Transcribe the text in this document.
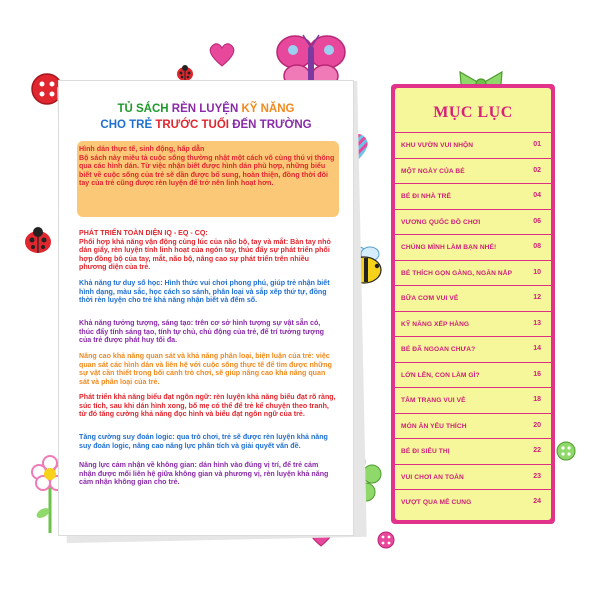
TỦ SÁCH RÈN LUYỆN KỸ NĂNG
CHO TRẺ TRƯỚC TUỔI ĐẾN TRƯỜNG
Hình dán thực tế, sinh động, hấp dẫn
Bộ sách này miêu tả cuộc sống thường nhật một cách vô cùng thú vị thông qua các hình dán. Từ việc nhận biết được hình dán phù hợp, những biểu biết về cuộc sống của trẻ sẽ dần được bổ sung, hoàn thiện, đồng thời đôi tay của trẻ cũng được rèn luyện để trở nên linh hoạt hơn.
PHÁT TRIỂN TOÀN DIỆN IQ - EQ - CQ:
Phối hợp khả năng vận động cùng lúc của não bộ, tay và mắt: Bàn tay nhỏ dán giấy, rèn luyện tính linh hoạt của ngón tay, thúc đẩy sự phát triển phối hợp đồng bộ của tay, mắt, não bộ, nâng cao sự phát triển trên nhiều phương diện của trẻ.
Khả năng tư duy số học: Hình thức vui chơi phong phú, giúp trẻ nhận biết hình dạng, màu sắc, học cách so sánh, phân loại và sắp xếp thứ tự, đồng thời rèn luyện cho trẻ khả năng nhận biết và đếm số.
Khả năng tưởng tượng, sáng tạo: trên cơ sở hình tượng sự vật sẵn có, thúc đẩy tính sáng tạo, tính tự chủ, chủ động của trẻ, để trí tưởng tượng của trẻ được phát huy tối đa.
Nâng cao khả năng quan sát và khả năng phân loại, biện luận của trẻ: việc quan sát các hình dán và liên hệ với cuộc sống thực tế để tìm được những sự vật cần thiết trong bối cảnh trò chơi, sẽ giúp nâng cao khả năng quan sát và phân loại của trẻ.
Phát triển khả năng biểu đạt ngôn ngữ: rèn luyện khả năng biểu đạt rõ ràng, súc tích, sau khi dán hình xong, bố mẹ có thể để trẻ kể chuyện theo tranh, từ đó tăng cường khả năng đọc hình và biểu đạt ngôn ngữ của trẻ.
Tăng cường suy đoán logic: qua trò chơi, trẻ sẽ được rèn luyện khả năng suy đoán logic, nâng cao năng lực phân tích và giải quyết vấn đề.
Năng lực cảm nhận về không gian: dán hình vào đúng vị trí, để trẻ cảm nhận được mối liên hệ giữa không gian và phương vị, rèn luyện khả năng cảm nhận không gian cho trẻ.
MỤC LỤC
KHU VƯỜN VUI NHỘN	01
MỘT NGÀY CỦA BÉ	02
BÉ ĐI NHÀ TRẺ	04
VƯƠNG QUỐC ĐỒ CHƠI	06
CHÚNG MÌNH LÀM BẠN NHÉ!	08
BÉ THÍCH GỌN GÀNG, NGĂN NẮP	10
BỮA CƠM VUI VẺ	12
KỸ NĂNG XẾP HÀNG	13
BÉ ĐÃ NGOAN CHƯA?	14
LỚN LÊN, CON LÀM GÌ?	16
TÂM TRẠNG VUI VẺ	18
MÓN ĂN YÊU THÍCH	20
BÉ ĐI SIÊU THỊ	22
VUI CHƠI AN TOÀN	23
VƯỢT QUA MÊ CUNG	24
